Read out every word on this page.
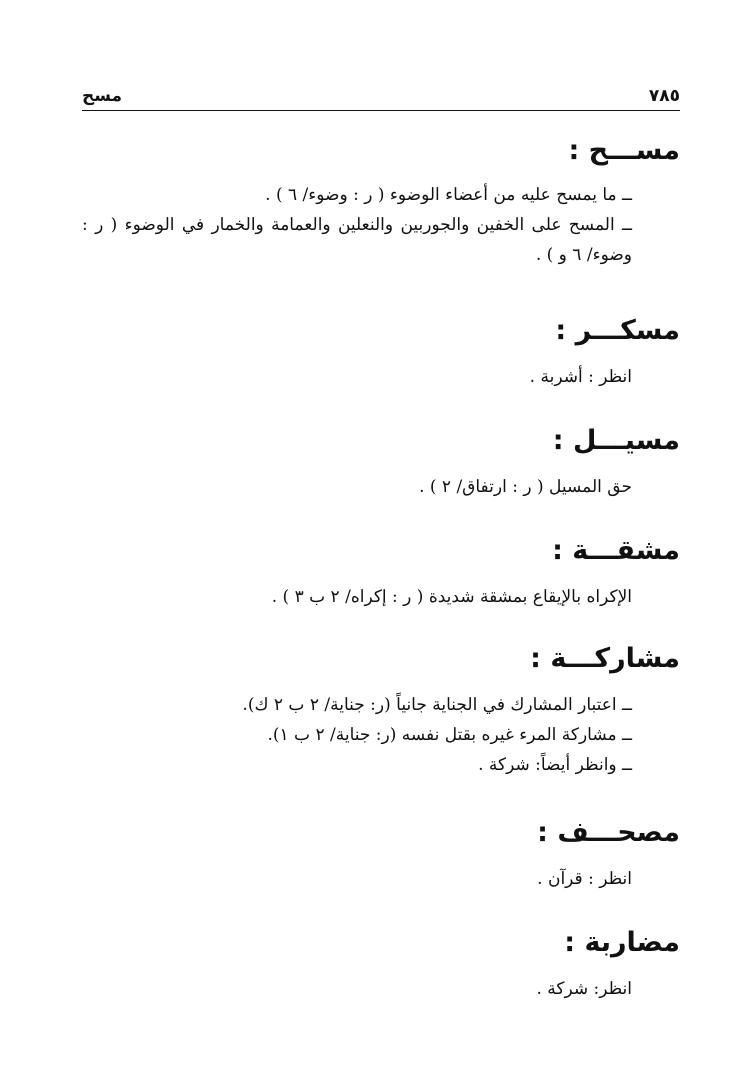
٧٨٥
مسح
مســـح :
ــ ما يمسح عليه من أعضاء الوضوء ( ر : وضوء/ ٦ ) .
ــ المسح على الخفين والجوربين والنعلين والعمامة والخمار في الوضوء ( ر : وضوء/ ٦ و ) .
مسكـــر :
انظر : أشربة .
مسيـــل :
حق المسيل ( ر : ارتفاق/ ٢ ) .
مشقـــة :
الإكراه بالإيقاع بمشقة شديدة ( ر : إكراه/ ٢ ب ٣ ) .
مشاركـــة :
ــ اعتبار المشارك في الجناية جانياً (ر: جناية/ ٢ ب ٢ ك).
ــ مشاركة المرء غيره بقتل نفسه (ر: جناية/ ٢ ب ١).
ــ وانظر أيضاً: شركة .
مصحـــف :
انظر : قرآن .
مضاربة :
انظر: شركة .
